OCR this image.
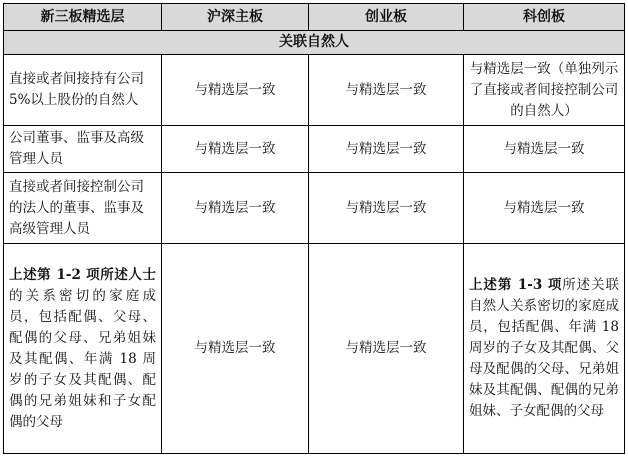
新三板精选层	沪深主板	创业板	科创板
关联自然人			
直接或者间接持有公司 5%以上股份的自然人	与精选层一致	与精选层一致	与精选层一致（单独列示了直接或者间接控制公司的自然人）
公司董事、监事及高级管理人员	与精选层一致	与精选层一致	与精选层一致
直接或者间接控制公司的法人的董事、监事及高级管理人员	与精选层一致	与精选层一致	与精选层一致
上述第 1-2 项所述人士的关系密切的家庭成员，包括配偶、父母、配偶的父母、兄弟姐妹及其配偶、年满 18 周岁的子女及其配偶、配偶的兄弟姐妹和子女配偶的父母	与精选层一致	与精选层一致	上述第 1-3 项所述关联自然人关系密切的家庭成员，包括配偶、年满 18 周岁的子女及其配偶、父母及配偶的父母、兄弟姐妹及其配偶、配偶的兄弟姐妹、子女配偶的父母
